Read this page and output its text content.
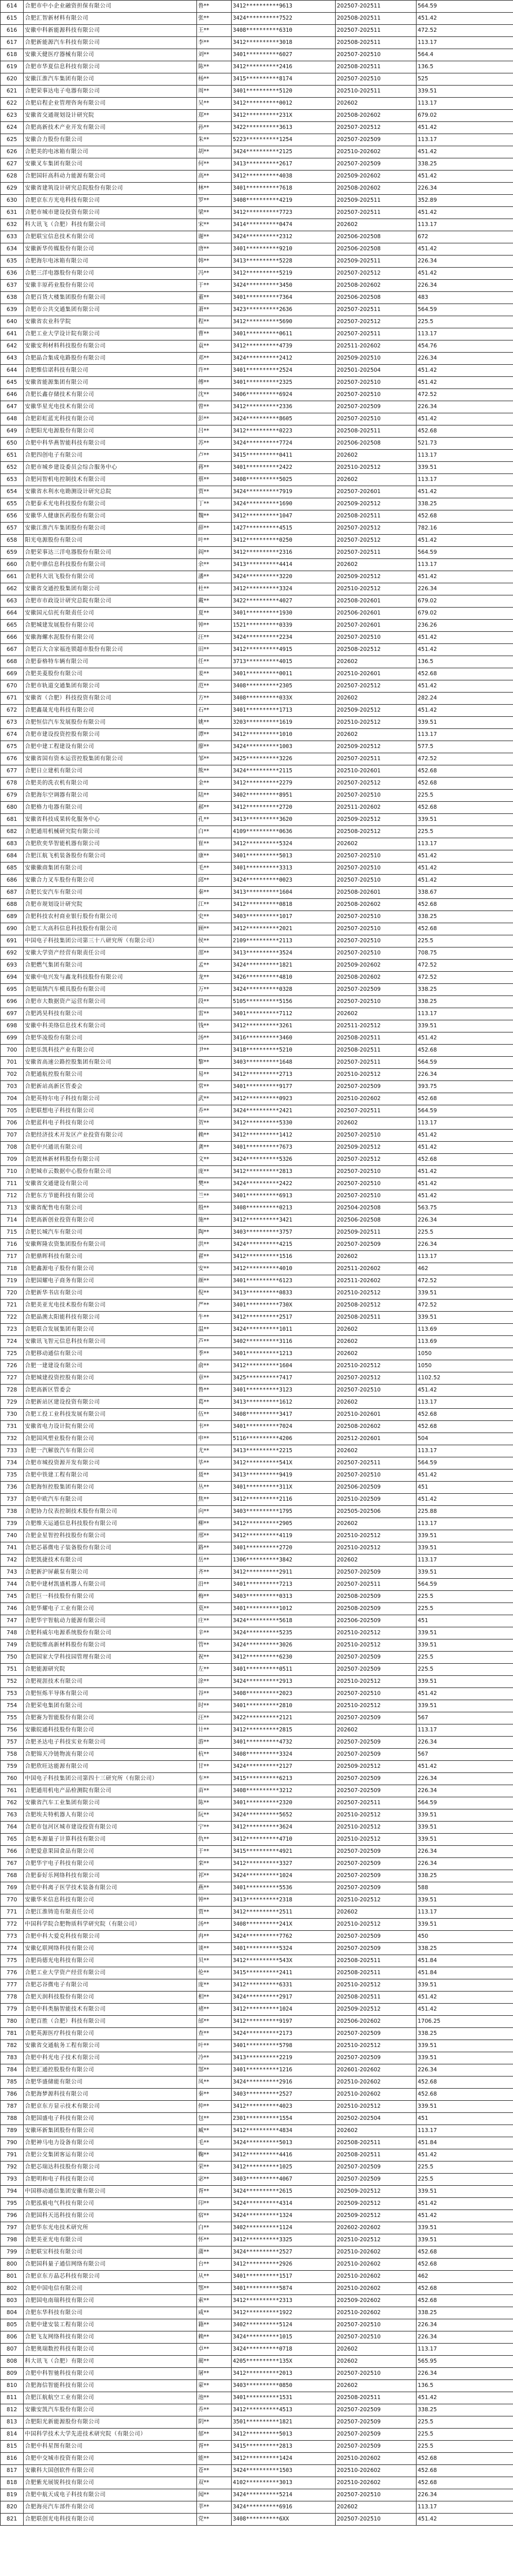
614	合肥市中小企业融资担保有限公司	鲁**	3412**********9613	202507-202511	564.59
615	合肥汇智新材料有限公司	张**	3424**********7522	202508-202511	451.42
616	安徽中科新能源科技有限公司	王**	3408**********6310	202507-202511	472.52
617	合肥新能源汽车科技有限公司	李**	3412**********3018	202508-202511	113.17
618	安徽天健医疗器械有限公司	刘**	3401**********6027	202507-202510	564.4
619	合肥市华夏信息科技有限公司	陈**	3412**********2416	202508-202511	136.5
620	安徽江淮汽车集团有限公司	杨**	3415**********8174	202507-202510	525
621	合肥荣事达电子电器有限公司	周**	3401**********5120	202510-202511	339.51
622	合肥启程企业管理咨询有限公司	吴**	3412**********0012	202602	113.17
623	安徽省交通规划设计研究院	郑**	3412**********231X	202508-202602	679.02
624	合肥高新技术产业开发有限公司	孙**	3422**********3613	202507-202512	451.42
625	安徽合力股份有限公司	朱**	5223**********1254	202507-202509	113.17
626	合肥美的电冰箱有限公司	胡**	3424**********2125	202510-202602	451.42
627	安徽叉车集团有限公司	何**	3413**********2617	202507-202509	338.25
628	合肥国轩高科动力能源有限公司	高**	3412**********4038	202509-202602	451.42
629	安徽省建筑设计研究总院股份有限公司	林**	3401**********7618	202508-202602	226.34
630	合肥京东方光电科技有限公司	罗**	3408**********4219	202509-202511	352.89
631	合肥市城市建设投资有限公司	梁**	3412**********7723	202507-202511	451.42
632	科大讯飞（合肥）科技有限公司	宋**	3414**********0474	202602	113.17
633	合肥联宝信息技术有限公司	谢**	3424**********2312	202506-202508	672
634	安徽新华传媒股份有限公司	唐**	3401**********9210	202506-202508	451.42
635	合肥海尔电冰箱有限公司	韩**	3413**********5228	202509-202511	226.34
636	合肥三洋电器股份有限公司	冯**	3412**********5219	202507-202512	451.42
637	安徽丰原药业股份有限公司	于**	3424**********3450	202508-202602	226.34
638	合肥百货大楼集团股份有限公司	董**	3401**********7364	202506-202508	483
639	合肥市公共交通集团有限公司	萧**	3423**********2636	202507-202511	564.59
640	安徽省农业科学院	程**	3412**********5690	202507-202512	225.5
641	合肥工业大学设计院有限公司	曹**	3401**********0611	202507-202511	113.17
642	安徽安利材料科技股份有限公司	袁**	3412**********4739	202511-202602	454.76
643	合肥晶合集成电路股份有限公司	邓**	3424**********2412	202509-202510	226.34
644	合肥维信诺科技有限公司	许**	3401**********2524	202501-202504	451.42
645	安徽省能源集团有限公司	傅**	3401**********2325	202507-202510	451.42
646	合肥长鑫存储技术有限公司	沈**	3406**********6924	202507-202510	472.52
647	安徽华星光电技术有限公司	曾**	3412**********2336	202507-202509	226.34
648	合肥彩虹蓝光科技有限公司	彭**	3424**********8605	202507-202510	451.42
649	合肥阳光电源股份有限公司	吕**	3412**********0223	202508-202511	452.68
650	合肥中科华燕智能科技有限公司	苏**	3424**********7724	202506-202508	521.73
651	合肥四创电子有限公司	卢**	3415**********0411	202602	113.17
652	合肥市城乡建设委员会综合服务中心	蒋**	3401**********2422	202510-202512	339.51
653	合肥同智机电控制技术有限公司	蔡**	3408**********5025	202602	113.17
654	安徽省水利水电勘测设计研究总院	贾**	3424**********7919	202507-202601	451.42
655	合肥泰禾光电科技股份有限公司	丁**	3424**********1690	202509-202512	338.25
656	安徽华人健康医药股份有限公司	魏**	3412**********1047	202508-202511	452.68
657	安徽江淮汽车集团股份有限公司	薛**	1427**********4515	202507-202512	782.16
658	阳光电源股份有限公司	叶**	3412**********0250	202507-202512	451.42
659	合肥荣事达三洋电器股份有限公司	阎**	3412**********2316	202507-202511	564.59
660	合肥中鼎信息科技股份有限公司	余**	3413**********4414	202602	113.17
661	合肥科大讯飞股份有限公司	潘**	3424**********3220	202509-202512	451.42
662	安徽省交通控股集团有限公司	杜**	3412**********3324	202510-202512	226.34
663	合肥市市政设计研究总院有限公司	戴**	3422**********4027	202508-202601	679.02
664	安徽国元信托有限责任公司	夏**	3401**********1930	202506-202601	679.02
665	合肥城建发展股份有限公司	钟**	1521**********0339	202507-202601	236.26
666	安徽海螺水泥股份有限公司	汪**	3424**********2234	202507-202510	451.42
667	合肥百大合家福连锁超市股份有限公司	田**	3412**********4915	202508-202512	451.42
668	合肥泰格特车辆有限公司	任**	3713**********4015	202602	136.5
669	合肥美菱股份有限公司	姜**	3401**********0011	202510-202601	452.68
670	合肥市轨道交通集团有限公司	范**	3408**********2305	202507-202512	451.42
671	安徽省（合肥）科技投资有限公司	方**	3408**********033X	202602	282.24
672	合肥鑫晟光电科技有限公司	石**	3401**********1713	202509-202512	451.42
673	合肥恒信汽车发展股份有限公司	姚**	3203**********1619	202510-202512	339.51
674	合肥市建设投资控股有限公司	谭**	3412**********1010	202602	113.17
675	合肥中建工程建设有限公司	廖**	3424**********1003	202509-202512	577.5
676	安徽省国有资本运营控股集团有限公司	邹**	3425**********3226	202507-202511	472.52
677	合肥日立建机有限公司	熊**	3424**********2115	202510-202601	452.68
678	合肥美的洗衣机有限公司	金**	3412**********2279	202507-202512	452.68
679	合肥海尔空调器有限公司	陆**	3402**********8951	202507-202510	225.5
680	合肥格力电器有限公司	郝**	3412**********2720	202511-202602	452.68
681	安徽省科技成果转化服务中心	孔**	3413**********3620	202509-202512	339.51
682	合肥通用机械研究院有限公司	白**	4109**********0636	202508-202512	225.5
683	合肥欣奕华智能机器有限公司	崔**	3412**********5324	202602	113.17
684	合肥江航飞机装备股份有限公司	康**	3401**********5013	202507-202510	451.42
685	安徽徽商集团有限公司	毛**	3401**********3313	202507-202510	451.42
686	安徽合力叉车股份有限公司	邱**	3424**********0023	202507-202510	451.42
687	合肥长安汽车有限公司	秦**	3413**********1604	202508-202601	338.67
688	合肥市规划设计研究院	江**	3412**********0818	202508-202602	452.68
689	合肥科技农村商业银行股份有限公司	史**	3403**********1017	202507-202510	338.25
690	合肥工大高科信息科技股份有限公司	顾**	3412**********2021	202507-202510	452.68
691	中国电子科技集团公司第三十八研究所（有限公司）	侯**	2109**********2113	202507-202510	225.5
692	安徽大学资产经营有限责任公司	邵**	3413**********3524	202507-202510	708.75
693	合肥燃气集团有限公司	孟**	3424**********1821	202509-202602	472.52
694	安徽中电兴发与鑫龙科技股份有限公司	龙**	3426**********4810	202508-202602	472.52
695	合肥瑞鹄汽车模具股份有限公司	万**	3424**********0328	202507-202509	338.25
696	合肥市大数据资产运营有限公司	段**	5105**********5156	202507-202510	338.25
697	合肥鸿昊科技有限公司	雷**	3401**********7112	202602	113.17
698	安徽中科美络信息技术有限公司	钱**	3412**********3261	202511-202512	339.51
699	合肥华凌股份有限公司	汤**	3416**********3460	202508-202511	451.42
700	合肥乐凯科技产业有限公司	尹**	3418**********5210	202508-202511	452.68
701	安徽省高速公路控股集团有限公司	黎**	3403**********1648	202507-202511	564.59
702	合肥通航控股有限公司	易**	3412**********2713	202510-202512	226.34
703	合肥新站高新区管委会	常**	3401**********9177	202507-202509	393.75
704	合肥英特尔电子科技有限公司	武**	3412**********0923	202510-202602	452.68
705	合肥联想电子科技有限公司	乔**	3424**********2421	202507-202511	564.59
706	合肥蓝科电子科技有限公司	贺**	3412**********5330	202602	113.17
707	合肥经济技术开发区产业投资有限公司	赖**	3412**********1412	202507-202510	451.42
708	合肥中兴通讯有限公司	龚**	3401**********7673	202509-202512	451.42
709	合肥波林新材料股份有限公司	文**	3424**********5326	202507-202512	452.68
710	合肥城市云数据中心股份有限公司	庞**	3412**********2813	202507-202510	451.42
711	安徽省交通建设有限公司	樊**	3424**********2422	202507-202510	451.42
712	合肥东方节能科技有限公司	兰**	3401**********6913	202507-202510	451.42
713	安徽省配售电有限公司	殷**	3408**********0213	202504-202508	563.75
714	合肥高新创业投资有限公司	施**	3412**********3421	202506-202508	226.34
715	合肥长城汽车有限公司	陶**	3403**********3757	202509-202511	225.5
716	安徽辉隆农资集团股份有限公司	洪**	3424**********4215	202507-202509	226.34
717	合肥鼎晖科技有限公司	翟**	3412**********1516	202602	113.17
718	合肥鑫源电子股份有限公司	安**	3412**********4010	202511-202602	462
719	合肥国耀电子商务有限公司	颜**	3401**********6123	202511-202602	472.52
720	合肥新华书店有限公司	倪**	3413**********0833	202510-202512	339.51
721	合肥美亚光电技术股份有限公司	严**	3401**********730X	202508-202512	472.52
722	合肥晶澳太阳能科技有限公司	牛**	3412**********2517	202508-202511	339.51
723	合肥联合发展集团有限公司	温**	3424**********1011	202602	113.69
724	安徽讯飞智元信息科技有限公司	芦**	3402**********3116	202602	113.69
725	合肥移动通信有限公司	季**	3401**********1213	202602	1050
726	合肥一建建设有限公司	俞**	3412**********1604	202510-202512	1050
727	合肥城建投资控股有限公司	章**	3425**********7417	202507-202512	1102.52
728	合肥高新区管委会	鲁**	3401**********3123	202507-202510	451.42
729	合肥新站区建设投资有限公司	葛**	3413**********1612	202602	113.17
730	合肥工投工业科技发展有限公司	伍**	3408**********3417	202510-202601	452.68
731	安徽省电力设计院有限公司	韦**	3401**********7024	202508-202602	452.68
732	合肥国风塑业股份有限公司	申**	5116**********4206	202512-202601	504
733	合肥一汽解放汽车有限公司	尤**	3413**********2215	202602	113.17
734	合肥市城投资源开发有限公司	毕**	3412**********541X	202507-202511	564.59
735	合肥中铁建工程有限公司	聂**	3413**********9419	202507-202510	451.42
736	合肥海恒控股集团有限公司	丛**	3401**********311X	202506-202509	451
737	合肥中欧汽车有限公司	焦**	3412**********2116	202510-202509	451.42
738	合肥协力仪表控制技术股份有限公司	向**	3403**********1795	202505-202506	225.88
739	合肥维天运通信息科技股份有限公司	柳**	3412**********2905	202602	113.17
740	合肥金星智控科技股份有限公司	邢**	3412**********4119	202510-202512	339.51
741	合肥芯碁微电子装备股份有限公司	路**	3401**********2720	202510-202512	339.51
742	合肥凯捷技术有限公司	岳**	1306**********3842	202602	113.17
743	合肥新沪屏蔽泵有限公司	齐**	3412**********2911	202507-202509	339.51
744	合肥中建材凯盛机器人有限公司	沿**	3401**********7213	202507-202511	564.59
745	合肥巨一科技股份有限公司	梅**	3403**********0313	202508-202509	225.5
746	合肥华耀电子工业有限公司	莫**	3401**********1012	202508-202509	225.5
747	合肥华宇智航动力能源有限公司	庄**	3424**********5618	202506-202509	451
748	合肥科威尔电源系统股份有限公司	辛**	3424**********5235	202510-202512	339.51
749	合肥皖维高新材料股份有限公司	管**	3424**********3026	202510-202512	339.51
750	合肥国家大学科技园管理有限公司	祝**	3412**********6230	202507-202509	225.5
751	合肥能源研究院	左**	3401**********0511	202507-202509	225.5
752	合肥视涯技术有限公司	涂**	3424**********2913	202510-202512	339.51
753	合肥恒烁半导体有限公司	谷**	3408**********2023	202507-202510	451.42
754	合肥荣电集团有限公司	时**	3401**********2810	202510-202512	339.51
755	合肥赛为智能股份有限公司	汪**	3422**********2121	202507-202509	567
756	安徽皖通科技股份有限公司	计**	3412**********2815	202602	113.17
757	合肥圣达电子科技实业有限公司	游**	3401**********4732	202507-202509	226.34
758	合肥锦天冷链物流有限公司	杭**	3408**********3324	202507-202509	567
759	合肥欣旺达能源有限公司	甘**	3424**********2127	202509-202512	451.42
760	中国电子科技集团公司第四十三研究所（有限公司）	车**	3415**********6213	202507-202509	226.34
761	合肥通用机电产品检测院有限公司	苗**	3408**********3212	202507-202509	226.34
762	安徽省汽车工业集团有限公司	陈**	3401**********2320	202507-202511	564.59
763	合肥埃夫特机器人有限公司	阮**	3424**********5652	202510-202512	339.51
764	合肥市包河区城市建设投资有限公司	宁**	3412**********3624	202510-202512	339.51
765	合肥本源量子计算科技有限公司	仇**	3412**********4710	202510-202512	339.51
766	合肥爱意果园食品有限公司	于**	3415**********4921	202507-202509	226.34
767	合肥华宇电子科技有限公司	栾**	3412**********3327	202507-202509	226.34
768	合肥泰好乐网络科技有限公司	祁**	3424**********1024	202507-202509	338.25
769	合肥中科离子医学技术装备有限公司	燕**	3401**********5536	202507-202509	588
770	安徽华米信息科技有限公司	钟**	3413**********2318	202510-202512	339.51
771	合肥江淮铸造有限责任公司	贾**	3412**********2511	202602	113.17
772	中国科学院合肥物质科学研究院（有限公司）	汤**	3408**********241X	202510-202512	339.51
773	合肥中科大爱克科技有限公司	冉**	3424**********7762	202507-202509	450
774	安徽亿联网络科技有限公司	谈**	3401**********5324	202507-202509	338.25
775	合肥尚德光电科技有限公司	贝**	3412**********543X	202508-202511	451.84
776	合肥工业大学资产经营有限公司	伦**	3415**********2411	202508-202511	451.84
777	合肥芯谷微电子有限公司	庞**	3412**********6331	202510-202512	339.51
778	合肥天润科技股份有限公司	相**	3424**********2917	202508-202511	451.42
779	合肥中科类脑智能技术有限公司	褚**	3412**********1024	202509-202512	451.42
780	合肥百胜（合肥）科技有限公司	邰**	3412**********9197	202506-202602	1706.25
781	合肥英源医疗科技有限公司	查**	3424**********2173	202507-202509	338.25
782	安徽省交通航务工程有限公司	叶**	3401**********5798	202510-202512	339.51
783	合肥中科光电子技术有限公司	冷**	3413**********2219	202507-202509	339.51
784	合肥汇通控股股份有限公司	郜**	3401**********1216	202601-202602	226.34
785	合肥华盛储能有限公司	凤**	3424**********2916	202510-202602	452.68
786	合肥海梦源科技有限公司	秦**	3403**********2527	202510-202602	452.68
787	合肥京东方显示技术有限公司	仲**	3412**********4023	202510-202512	339.51
788	合肥国盛电子科技有限公司	包**	2301**********1554	202502-202504	451
789	安徽环新集团股份有限公司	臧**	3412**********4834	202602	113.17
790	合肥神马电力设备有限公司	毛**	3424**********5013	202508-202511	451.84
791	合肥公交集团客运有限公司	鞠**	3412**********4416	202508-202511	451.42
792	合肥芯瑞达科技股份有限公司	荣**	3412**********1025	202507-202509	225.5
793	合肥明和电子科技有限公司	宓**	3403**********4067	202507-202509	225.5
794	中国移动通信集团安徽有限公司	胥**	3424**********2615	202509-202512	339.51
795	合肥泓毅电气科技有限公司	印**	3424**********4314	202509-202512	451.42
796	合肥国科天迅科技有限公司	宿**	3424**********1324	202509-202512	451.42
797	合肥华东光电技术研究所	白**	3402**********1124	202602-202602	339.51
798	合肥美亚光电有限公司	怀**	3412**********3325	202510-202512	339.51
799	合肥联宝科技有限公司	蒲**	3424**********2527	202510-202602	452.68
800	合肥国科量子通信网络有限公司	台**	3412**********2926	202510-202602	452.68
801	合肥京东方晶芯科技有限公司	从**	3401**********1517	202510-202602	462
802	合肥中国电信有限公司	鄂**	3401**********5874	202510-202602	452.68
803	合肥国电南瑞科技有限公司	索**	3412**********2313	202509-202602	452.68
804	合肥东华科技有限公司	咸**	3412**********1922	202510-202602	338.25
805	合肥中建安装工程有限公司	籍**	3402**********5124	202507-202510	226.34
806	合肥飞友网络科技有限公司	赖**	3424**********1015	202507-202510	226.34
807	合肥奥瑞数控科技有限公司	卓**	3424**********0718	202602	113.17
808	科大讯飞（合肥）有限公司	蔺**	4205**********135X	202602	565.95
809	合肥中科智驰科技有限公司	屠**	3412**********2013	202507-202510	226.34
810	合肥海信智能科技有限公司	蒙**	3403**********0850	202602	136.5
811	合肥江航航空工业有限公司	池**	3401**********1531	202508-202511	451.42
812	安徽安凯汽车股份有限公司	乔**	3412**********4513	202507-202509	338.25
813	合肥阳光新能源股份有限公司	阴**	3501**********1821	202507-202509	225.5
814	中国科学技术大学先进技术研究院（有限公司）	郁**	3412**********5013	202507-202509	225.5
815	合肥中科星图有限公司	胥**	3415**********2813	202507-202509	225.5
816	合肥中交城市投资有限公司	能**	3412**********1424	202510-202602	452.68
817	安徽科大国创软件有限公司	苍**	3424**********1503	202510-202602	452.68
818	合肥紫光展锐科技有限公司	双**	4102**********3013	202510-202602	452.68
819	合肥中航天成电子科技有限公司	闻**	3424**********5214	202507-202510	226.34
820	合肥海亮汽车部件有限公司	莘**	3424**********6916	202602	113.17
821	合肥联创光电科技有限公司	党**	3408**********6XX	202507-202510	451.42
